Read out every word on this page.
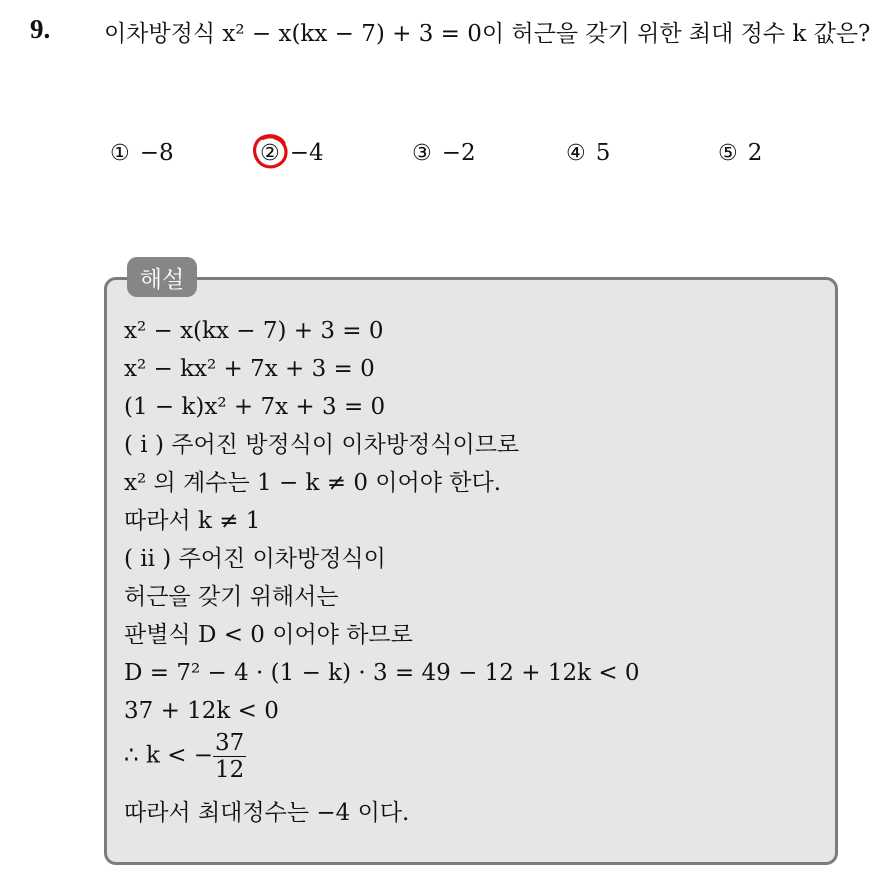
9. 이차방정식 x² − x(kx − 7) + 3 = 0이 허근을 갖기 위한 최대 정수 k 값은?
① −8	② −4	③ −2	④ 5	⑤ 2
해설
x² − x(kx − 7) + 3 = 0
x² − kx² + 7x + 3 = 0
(1 − k)x² + 7x + 3 = 0
( i ) 주어진 방정식이 이차방정식이므로
x² 의 계수는 1 − k ≠ 0 이어야 한다.
따라서 k ≠ 1
( ii ) 주어진 이차방정식이
허근을 갖기 위해서는
판별식 D < 0 이어야 하므로
D = 7² − 4 · (1 − k) · 3 = 49 − 12 + 12k < 0
37 + 12k < 0
∴ k < − $\frac{37}{12}$
따라서 최대정수는 −4 이다.
